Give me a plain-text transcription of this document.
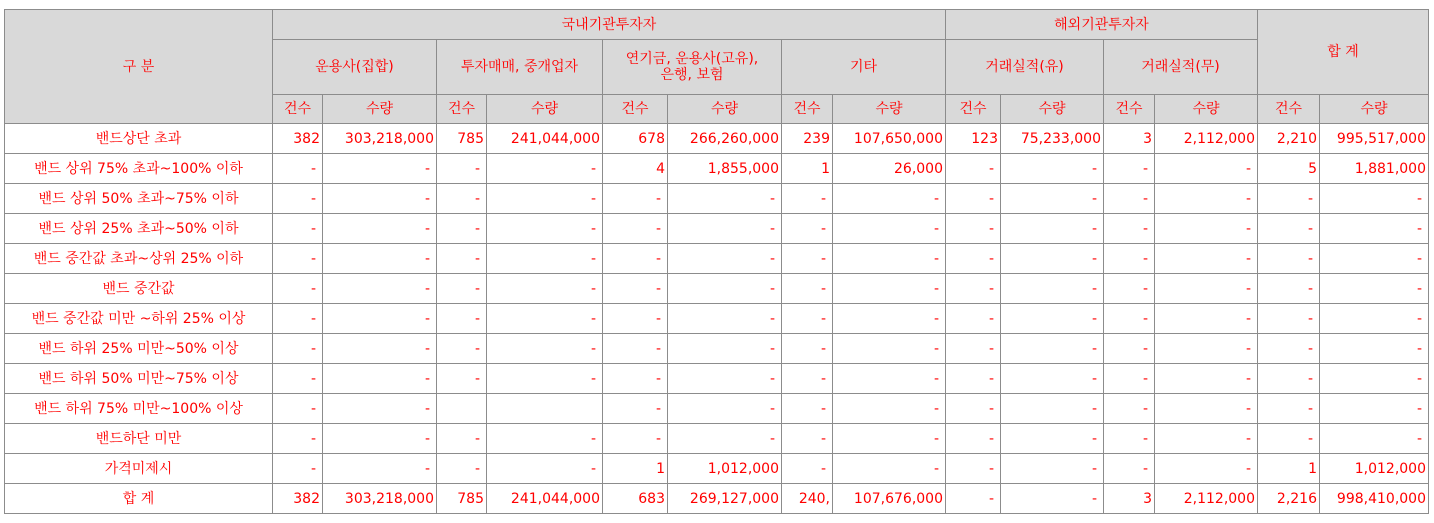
구 분	국내기관투자자								해외기관투자자				합 계	
	운용사(집합)		투자매매, 중개업자		연기금, 운용사(고유),
은행, 보험		기타		거래실적(유)		거래실적(무)			
	건수	수량	건수	수량	건수	수량	건수	수량	건수	수량	건수	수량	건수	수량
밴드상단 초과	382	303,218,000	785	241,044,000	678	266,260,000	239	107,650,000	123	75,233,000	3	2,112,000	2,210	995,517,000
밴드 상위 75% 초과~100% 이하	-	-	-	-	4	1,855,000	1	26,000	-	-	-	-	5	1,881,000
밴드 상위 50% 초과~75% 이하	-	-	-	-	-	-	-	-	-	-	-	-	-	-
밴드 상위 25% 초과~50% 이하	-	-	-	-	-	-	-	-	-	-	-	-	-	-
밴드 중간값 초과~상위 25% 이하	-	-	-	-	-	-	-	-	-	-	-	-	-	-
밴드 중간값	-	-	-	-	-	-	-	-	-	-	-	-	-	-
밴드 중간값 미만 ~하위 25% 이상	-	-	-	-	-	-	-	-	-	-	-	-	-	-
밴드 하위 25% 미만~50% 이상	-	-	-	-	-	-	-	-	-	-	-	-	-	-
밴드 하위 50% 미만~75% 이상	-	-	-	-	-	-	-	-	-	-	-	-	-	-
밴드 하위 75% 미만~100% 이상	-	-			-	-	-	-	-	-	-	-	-	-
밴드하단 미만	-	-	-	-	-	-	-	-	-	-	-	-	-	-
가격미제시	-	-	-	-	1	1,012,000	-	-	-	-	-	-	1	1,012,000
합 계	382	303,218,000	785	241,044,000	683	269,127,000	240,	107,676,000	-	-	3	2,112,000	2,216	998,410,000
